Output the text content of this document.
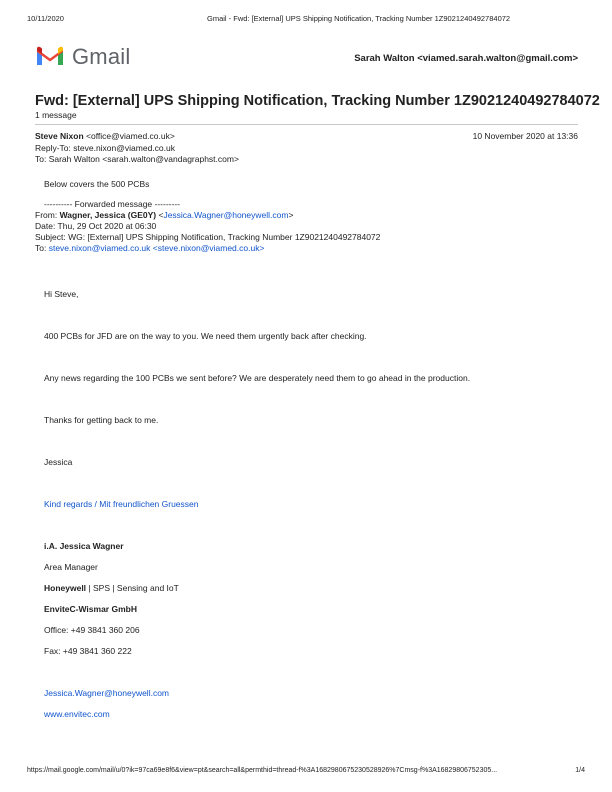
10/11/2020	Gmail - Fwd: [External] UPS Shipping Notification, Tracking Number 1Z9021240492784072
Gmail	Sarah Walton <viamed.sarah.walton@gmail.com>
Fwd: [External] UPS Shipping Notification, Tracking Number 1Z9021240492784072
1 message
Steve Nixon <office@viamed.co.uk>	10 November 2020 at 13:36
Reply-To: steve.nixon@viamed.co.uk
To: Sarah Walton <sarah.walton@vandagraphst.com>
Below covers the 500 PCBs
---------- Forwarded message ---------
From: Wagner, Jessica (GE0Y) <Jessica.Wagner@honeywell.com>
Date: Thu, 29 Oct 2020 at 06:30
Subject: WG: [External] UPS Shipping Notification, Tracking Number 1Z9021240492784072
To: steve.nixon@viamed.co.uk <steve.nixon@viamed.co.uk>
Hi Steve,
400 PCBs for JFD are on the way to you. We need them urgently back after checking.
Any news regarding the 100 PCBs we sent before? We are desperately need them to go ahead in the production.
Thanks for getting back to me.
Jessica
Kind regards / Mit freundlichen Gruessen
i.A. Jessica Wagner
Area Manager
Honeywell | SPS | Sensing and IoT
EnviteC-Wismar GmbH
Office: +49 3841 360 206
Fax: +49 3841 360 222
Jessica.Wagner@honeywell.com
www.envitec.com
https://mail.google.com/mail/u/0?ik=97ca69e8f6&view=pt&search=all&permthid=thread-f%3A1682980675230528926%7Cmsg-f%3A16829806752305...	1/4
